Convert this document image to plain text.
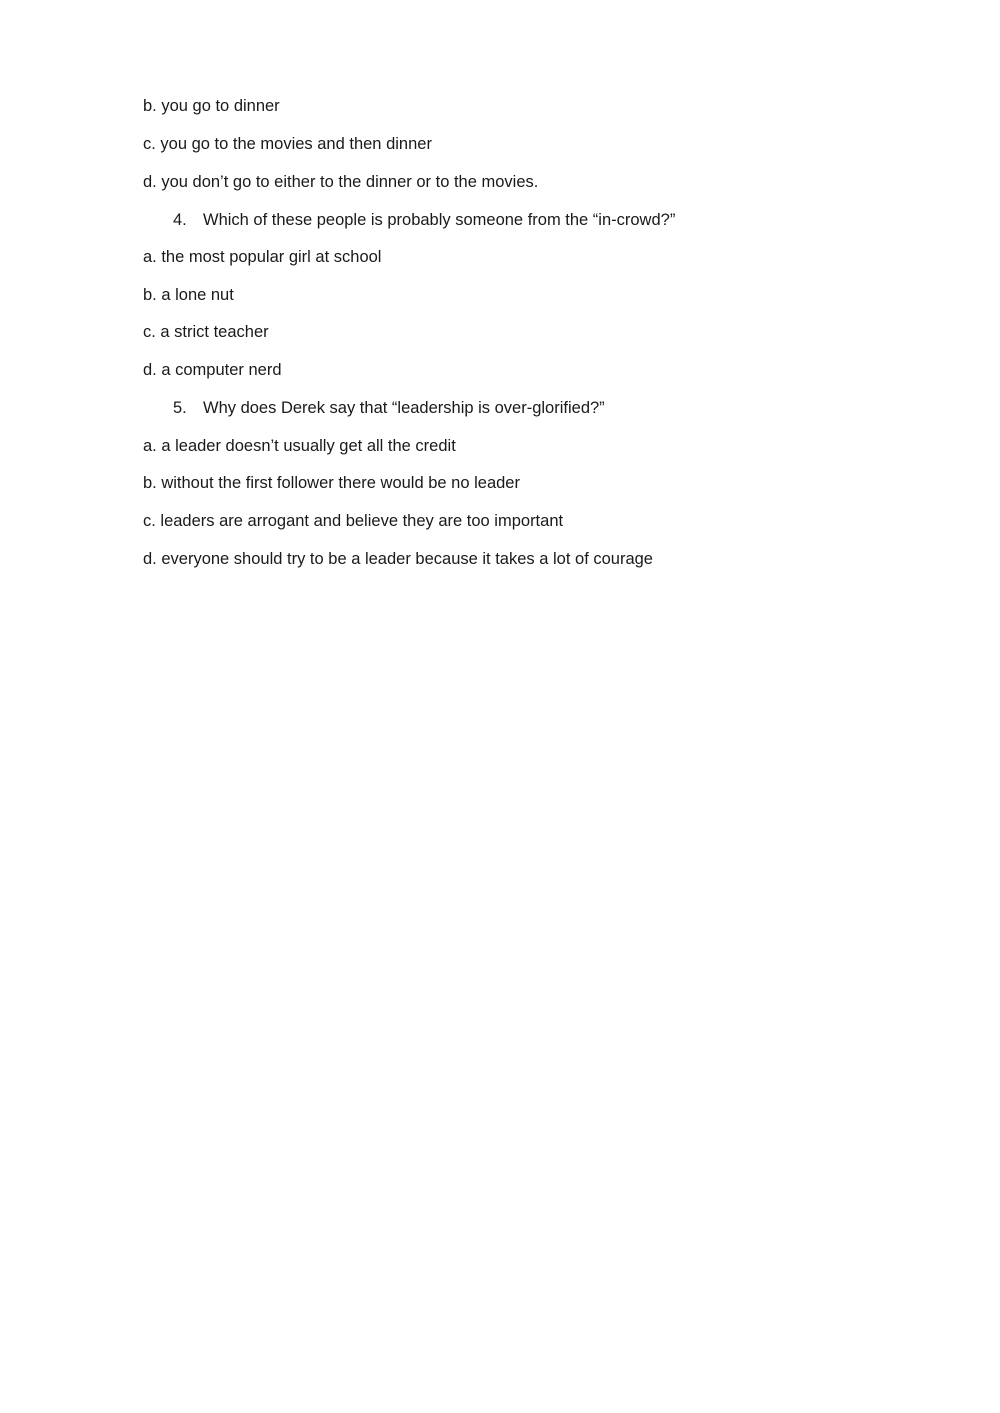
b. you go to dinner
c. you go to the movies and then dinner
d. you don’t go to either to the dinner or to the movies.
4. Which of these people is probably someone from the “in-crowd?”
a. the most popular girl at school
b. a lone nut
c. a strict teacher
d. a computer nerd
5. Why does Derek say that “leadership is over-glorified?”
a. a leader doesn’t usually get all the credit
b. without the first follower there would be no leader
c. leaders are arrogant and believe they are too important
d. everyone should try to be a leader because it takes a lot of courage
